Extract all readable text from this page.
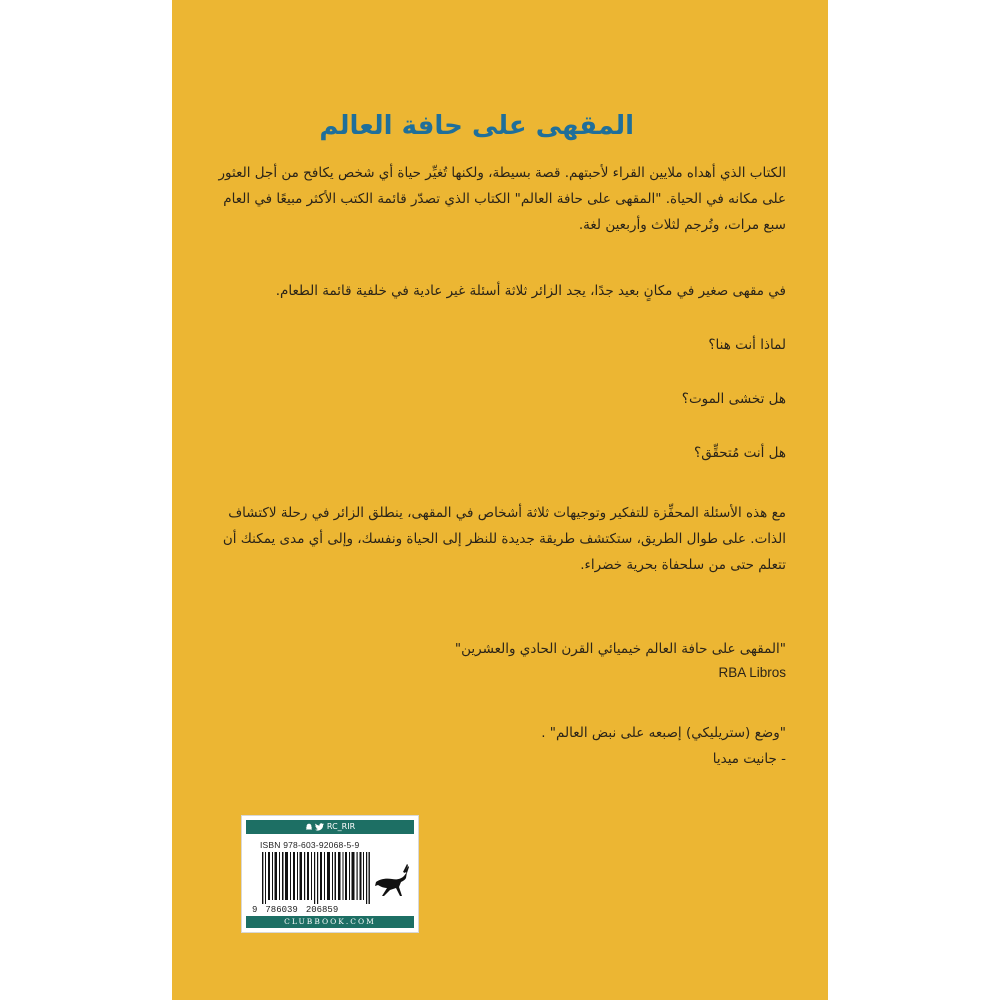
المقهى على حافة العالم

الكتاب الذي أهداه ملايين القراء لأحبتهم. قصة بسيطة، ولكنها تُغيِّر حياة أي شخص يكافح من أجل العثور على مكانه في الحياة. "المقهى على حافة العالم" الكتاب الذي تصدّر قائمة الكتب الأكثر مبيعًا في العام سبع مرات، وتُرجم لثلاث وأربعين لغة.

في مقهى صغير في مكانٍ بعيد جدًا، يجد الزائر ثلاثة أسئلة غير عادية في خلفية قائمة الطعام.

لماذا أنت هنا؟

هل تخشى الموت؟

هل أنت مُتحقِّق؟

مع هذه الأسئلة المحفِّزة للتفكير وتوجيهات ثلاثة أشخاص في المقهى، ينطلق الزائر في رحلة لاكتشاف الذات. على طوال الطريق، ستكتشف طريقة جديدة للنظر إلى الحياة ونفسك، وإلى أي مدى يمكنك أن تتعلم حتى من سلحفاة بحرية خضراء.

"المقهى على حافة العالم خيميائي القرن الحادي والعشرين"

RBA Libros

"وضع (ستريليكي) إصبعه على نبض العالم" .

- جانيت ميديا

RC_RIR
ISBN 978-603-92068-5-9
9 786039 206859
CLUBBOOK.COM
